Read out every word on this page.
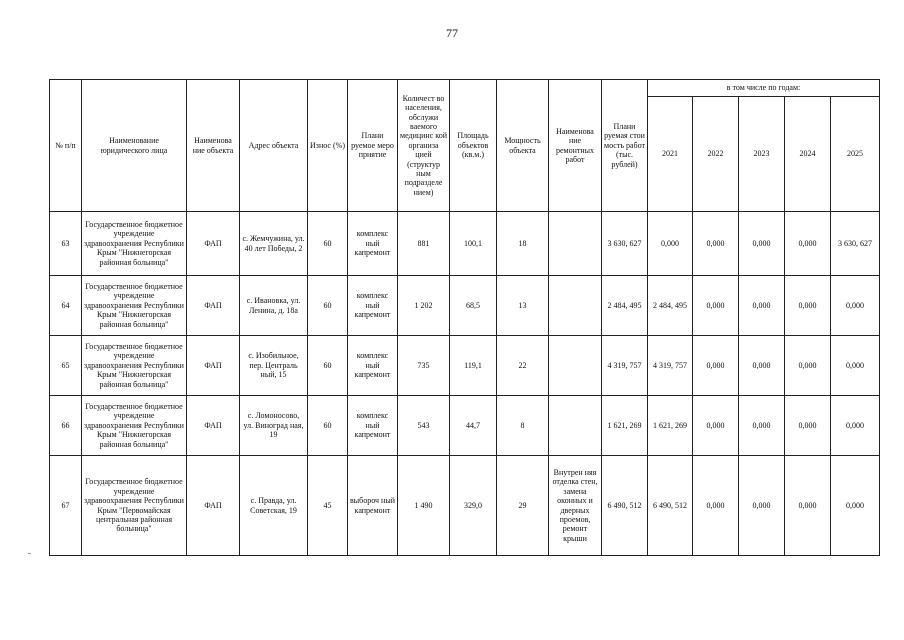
77
№ п/п	Наименование юридического лица	Наименова ние объекта	Адрес объекта	Износ (%)	Плани руемое меро приятие	Количест во населения, обслужи ваемого медицинс кой организа цией (структур ным подразделе нием)	Площадь объектов (кв.м.)	Мощность объекта	Наименова ние ремонтных работ	Плани руемая стои мость работ (тыс. рублей)	в том числе по годам:				
											2021	2022	2023	2024	2025
63	Государственное бюджетное учреждение здравоохранения Республики Крым "Нижнегорская районная больница"	ФАП	с. Жемчужина, ул. 40 лет Победы, 2	60	комплекс ный капремонт	881	100,1	18		3 630, 627	0,000	0,000	0,000	0,000	3 630, 627
64	Государственное бюджетное учреждение здравоохранения Республики Крым "Нижнегорская районная больница"	ФАП	с. Ивановка, ул. Ленина, д. 18а	60	комплекс ный капремонт	1 202	68,5	13		2 484, 495	2 484, 495	0,000	0,000	0,000	0,000
65	Государственное бюджетное учреждение здравоохранения Республики Крым "Нижнегорская районная больница"	ФАП	с. Изобильное, пер. Централь ный, 15	60	комплекс ный капремонт	735	119,1	22		4 319, 757	4 319, 757	0,000	0,000	0,000	0,000
66	Государственное бюджетное учреждение здравоохранения Республики Крым "Нижнегорская районная больница"	ФАП	с. Ломоносово, ул. Виноград ная, 19	60	комплекс ный капремонт	543	44,7	8		1 621, 269	1 621, 269	0,000	0,000	0,000	0,000
67	Государственное бюджетное учреждение здравоохранения Республики Крым "Первомайская центральная районная больница"	ФАП	с. Правда, ул. Советская, 19	45	выбороч ный капремонт	1 490	329,0	29	Внутрен няя отделка стен, замена оконных и дверных проемов, ремонт крыши	6 490, 512	6 490, 512	0,000	0,000	0,000	0,000
